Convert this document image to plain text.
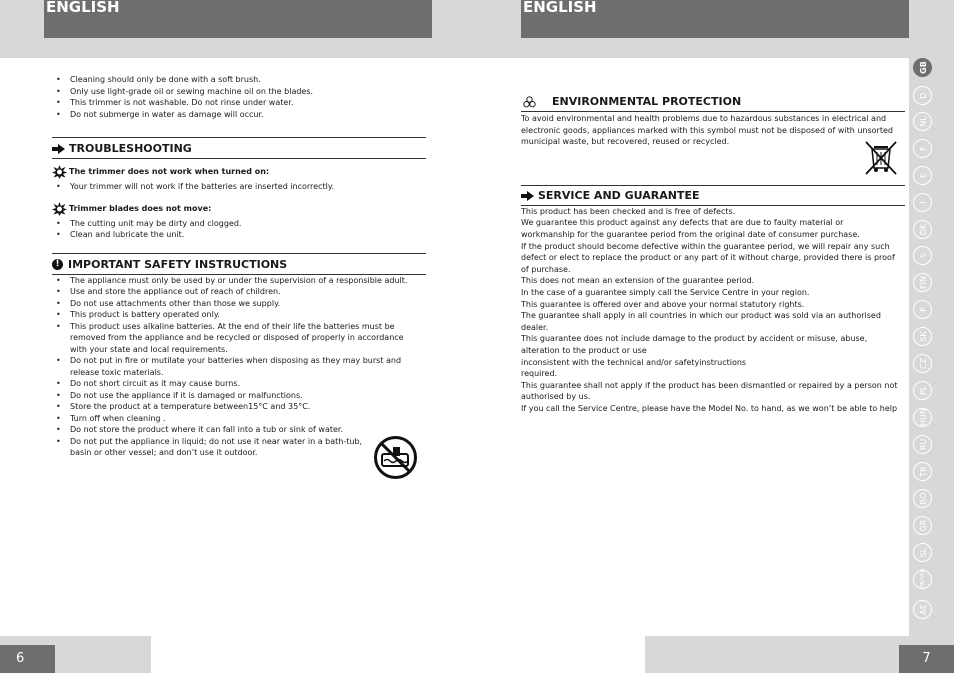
ENGLISH	ENGLISH
• Cleaning should only be done with a soft brush.
• Only use light-grade oil or sewing machine oil on the blades.
• This trimmer is not washable. Do not rinse under water.
• Do not submerge in water as damage will occur.
TROUBLESHOOTING
The trimmer does not work when turned on:
• Your trimmer will not work if the batteries are inserted incorrectly.
Trimmer blades does not move:
• The cutting unit may be dirty and clogged.
• Clean and lubricate the unit.
! IMPORTANT SAFETY INSTRUCTIONS
• The appliance must only be used by or under the supervision of a responsible adult.
• Use and store the appliance out of reach of children.
• Do not use attachments other than those we supply.
• This product is battery operated only.
• This product uses alkaline batteries. At the end of their life the batteries must be removed from the appliance and be recycled or disposed of properly in accordance with your state and local requirements.
• Do not put in fire or mutilate your batteries when disposing as they may burst and release toxic materials.
• Do not short circuit as it may cause burns.
• Do not use the appliance if it is damaged or malfunctions.
• Store the product at a temperature between15°C and 35°C.
• Turn off when cleaning .
• Do not store the product where it can fall into a tub or sink of water.
• Do not put the appliance in liquid; do not use it near water in a bath-tub, basin or other vessel; and don’t use it outdoor.
ENVIRONMENTAL PROTECTION
To avoid environmental and health problems due to hazardous substances in electrical and electronic goods, appliances marked with this symbol must not be disposed of with unsorted municipal waste, but recovered, reused or recycled.
SERVICE AND GUARANTEE
This product has been checked and is free of defects.
We guarantee this product against any defects that are due to faulty material or workmanship for the guarantee period from the original date of consumer purchase.
If the product should become defective within the guarantee period, we will repair any such defect or elect to replace the product or any part of it without charge, provided there is proof of purchase.
This does not mean an extension of the guarantee period.
In the case of a guarantee simply call the Service Centre in your region.
This guarantee is offered over and above your normal statutory rights.
The guarantee shall apply in all countries in which our product was sold via an authorised dealer.
This guarantee does not include damage to the product by accident or misuse, abuse, alteration to the product or use
inconsistent with the technical and/or safetyinstructions
required.
This guarantee shall not apply if the product has been dismantled or repaired by a person not authorised by us.
If you call the Service Centre, please have the Model No. to hand, as we won’t be able to help
GB
D
NL
F
E
I
DK
S
FIN
P
SK
CZ
PL
HUN
RU
TR
RO
GR
SL
HR/SRB
AE
6	7
